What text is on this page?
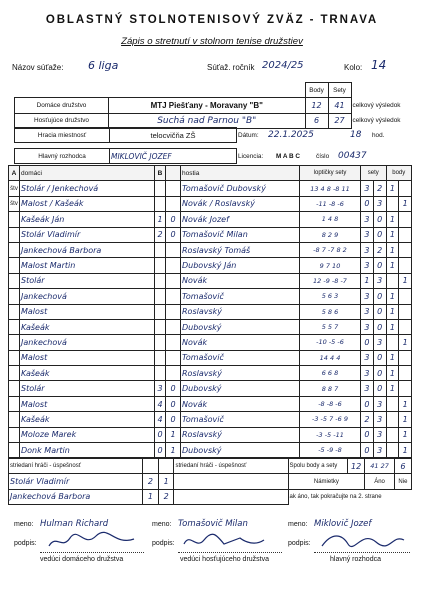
OBLASTNÝ STOLNOTENISOVÝ ZVÄZ - TRNAVA
Zápis o stretnutí v stolnom tenise družstiev
Názov súťaže: 6 liga	Súťaž. ročník 2024/25	Kolo: 14
		Body	Sety	
Domáce družstvo	MTJ Piešťany - Moravany "B"	12	41	celkový výsledok
Hosťujúce družstvo	Suchá nad Parnou "B"	6	27	celkový výsledok
Hracia miestnosť	telocvičňa ZŠ	Dátum:	22.1.2025	18	hod.
Hlavný rozhodca	MIKLOVIČ JOZEF	Licencia:	M A B C	číslo	00437
A	domáci	B		hostia	loptičky sety	sety		body	
štv	Stolár / Jenkechová			Tomašovič Dubovský	13 4 8 -8 11	3	2	1	
štv	Malost / Kašeák			Novák / Roslavský	-11 -8 -6	0	3		1
	Kašeák Ján	1	0	Novák Jozef	1 4 8	3	0	1	
	Stolár Vladimír	2	0	Tomašovič Milan	8 2 9	3	0	1	
	Jankechová Barbora			Roslavský Tomáš	-8 7 -7 8 2	3	2	1	
	Malost Martin			Dubovský Ján	9 7 10	3	0	1	
	Stolár			Novák	12 -9 -8 -7	1	3		1
	Jankechová			Tomašovič	5 6 3	3	0	1	
	Malost			Roslavský	5 8 6	3	0	1	
	Kašeák			Dubovský	5 5 7	3	0	1	
	Jankechová			Novák	-10 -5 -6	0	3		1
	Malost			Tomašovič	14 4 4	3	0	1	
	Kašeák			Roslavský	6 6 8	3	0	1	
	Stolár	3	0	Dubovský	8 8 7	3	0	1	
	Malost	4	0	Novák	-8 -8 -6	0	3		1
	Kašeák	4	0	Tomašovič	-3 -5 7 -6 9	2	3		1
	Moloze Marek	0	1	Roslavský	-3 -5 -11	0	3		1
	Donk Martin	0	1	Dubovský	-5 -9 -8	0	3		1
striedaní hráči - úspešnosť			striedaní hráči - úspešnosť	Spolu body a sety	12	41 27	6
Stolár Vladimír	2	1		Námietky		Áno	Nie
Jankechová Barbora	1	2		ak áno, tak pokračujte na 2. strane			
meno: Hulman Richard	meno: Tomašovič Milan	meno: Miklovič Jozef
podpis:	podpis:	podpis:
vedúci domáceho družstva	vedúci hosťujúceho družstva	hlavný rozhodca
